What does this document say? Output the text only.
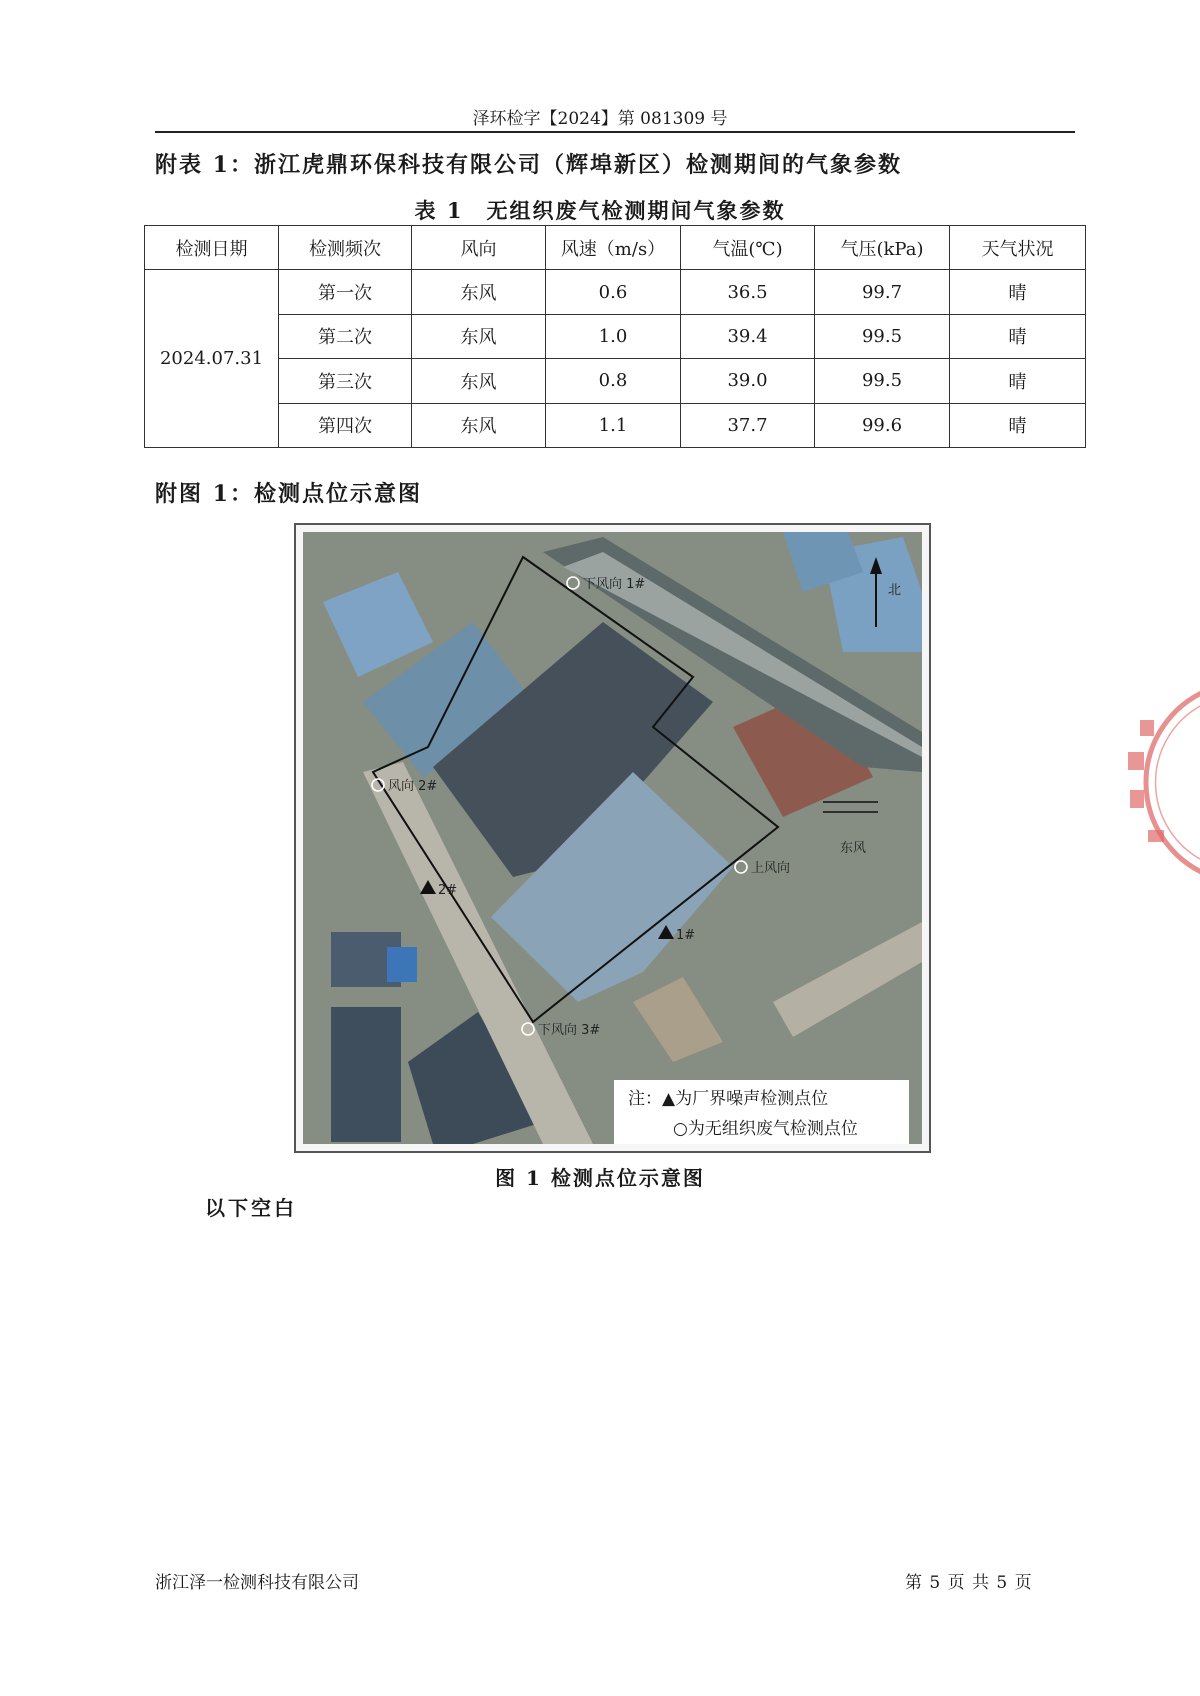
泽环检字【2024】第 081309 号
附表 1：浙江虎鼎环保科技有限公司（辉埠新区）检测期间的气象参数
表 1　无组织废气检测期间气象参数
检测日期	检测频次	风向	风速（m/s）	气温(℃)	气压(kPa)	天气状况
2024.07.31	第一次	东风	0.6	36.5	99.7	晴
	第二次	东风	1.0	39.4	99.5	晴
	第三次	东风	0.8	39.0	99.5	晴
	第四次	东风	1.1	37.7	99.6	晴
附图 1：检测点位示意图
下风向 1#
风向 2#
下风向 3#
上风向
1#
2#
北
东风
注：▲为厂界噪声检测点位
○为无组织废气检测点位
图 1 检测点位示意图
以下空白
浙江泽一检测科技有限公司	第 5 页 共 5 页
